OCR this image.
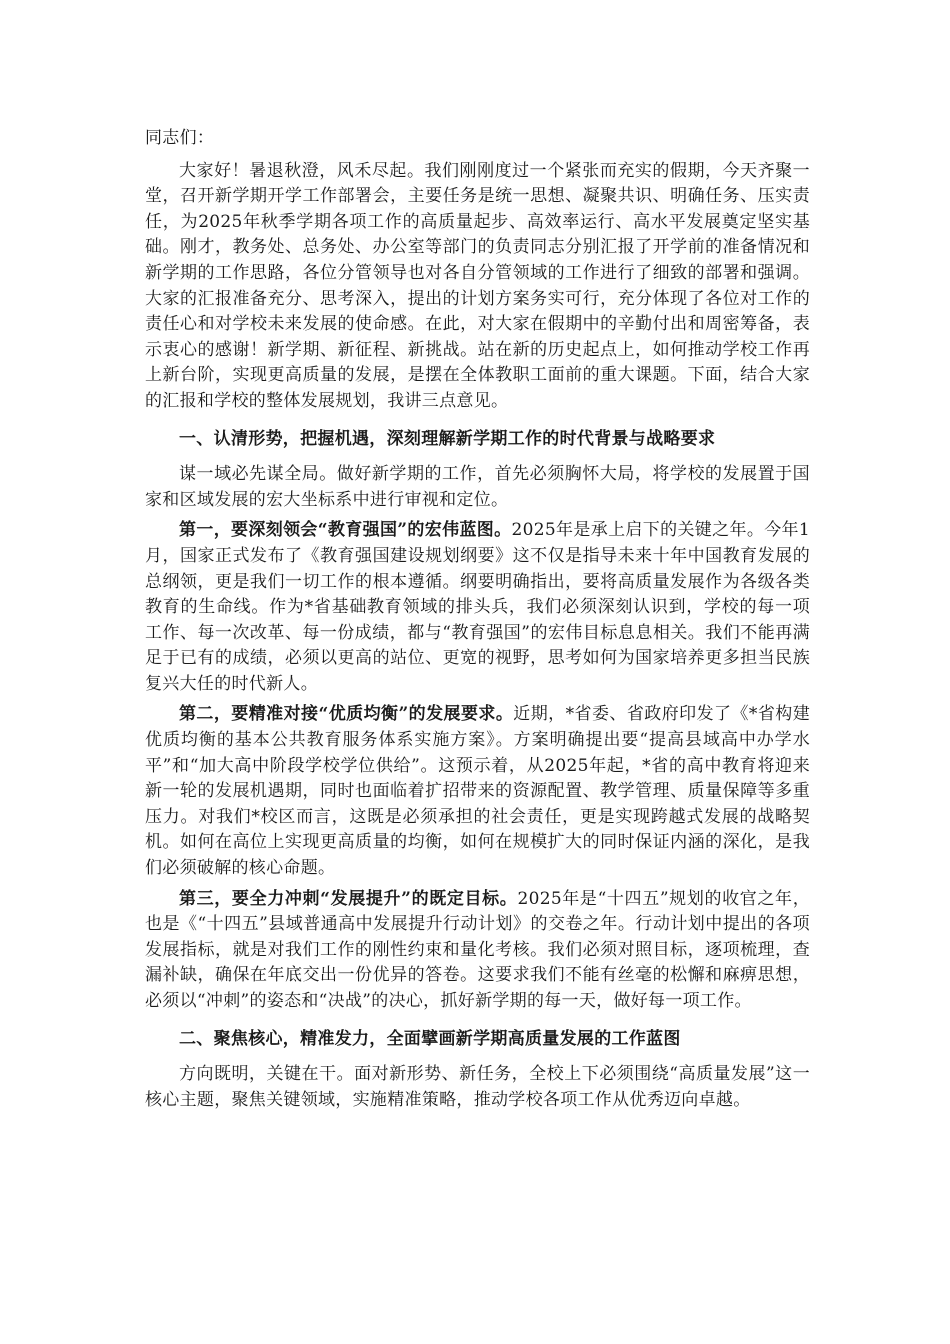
同志们：

大家好！暑退秋澄，风禾尽起。我们刚刚度过一个紧张而充实的假期，今天齐聚一堂，召开新学期开学工作部署会，主要任务是统一思想、凝聚共识、明确任务、压实责任，为2025年秋季学期各项工作的高质量起步、高效率运行、高水平发展奠定坚实基础。刚才，教务处、总务处、办公室等部门的负责同志分别汇报了开学前的准备情况和新学期的工作思路，各位分管领导也对各自分管领域的工作进行了细致的部署和强调。大家的汇报准备充分、思考深入，提出的计划方案务实可行，充分体现了各位对工作的责任心和对学校未来发展的使命感。在此，对大家在假期中的辛勤付出和周密筹备，表示衷心的感谢！新学期、新征程、新挑战。站在新的历史起点上，如何推动学校工作再上新台阶，实现更高质量的发展，是摆在全体教职工面前的重大课题。下面，结合大家的汇报和学校的整体发展规划，我讲三点意见。

一、认清形势，把握机遇，深刻理解新学期工作的时代背景与战略要求

谋一域必先谋全局。做好新学期的工作，首先必须胸怀大局，将学校的发展置于国家和区域发展的宏大坐标系中进行审视和定位。

第一，要深刻领会“教育强国”的宏伟蓝图。2025年是承上启下的关键之年。今年1月，国家正式发布了《教育强国建设规划纲要》这不仅是指导未来十年中国教育发展的总纲领，更是我们一切工作的根本遵循。纲要明确指出，要将高质量发展作为各级各类教育的生命线。作为*省基础教育领域的排头兵，我们必须深刻认识到，学校的每一项工作、每一次改革、每一份成绩，都与“教育强国”的宏伟目标息息相关。我们不能再满足于已有的成绩，必须以更高的站位、更宽的视野，思考如何为国家培养更多担当民族复兴大任的时代新人。

第二，要精准对接“优质均衡”的发展要求。近期，*省委、省政府印发了《*省构建优质均衡的基本公共教育服务体系实施方案》。方案明确提出要“提高县域高中办学水平”和“加大高中阶段学校学位供给”。这预示着，从2025年起，*省的高中教育将迎来新一轮的发展机遇期，同时也面临着扩招带来的资源配置、教学管理、质量保障等多重压力。对我们*校区而言，这既是必须承担的社会责任，更是实现跨越式发展的战略契机。如何在高位上实现更高质量的均衡，如何在规模扩大的同时保证内涵的深化，是我们必须破解的核心命题。

第三，要全力冲刺“发展提升”的既定目标。2025年是“十四五”规划的收官之年，也是《“十四五”县域普通高中发展提升行动计划》的交卷之年。行动计划中提出的各项发展指标，就是对我们工作的刚性约束和量化考核。我们必须对照目标，逐项梳理，查漏补缺，确保在年底交出一份优异的答卷。这要求我们不能有丝毫的松懈和麻痹思想，必须以“冲刺”的姿态和“决战”的决心，抓好新学期的每一天，做好每一项工作。

二、聚焦核心，精准发力，全面擘画新学期高质量发展的工作蓝图

方向既明，关键在干。面对新形势、新任务，全校上下必须围绕“高质量发展”这一核心主题，聚焦关键领域，实施精准策略，推动学校各项工作从优秀迈向卓越。
